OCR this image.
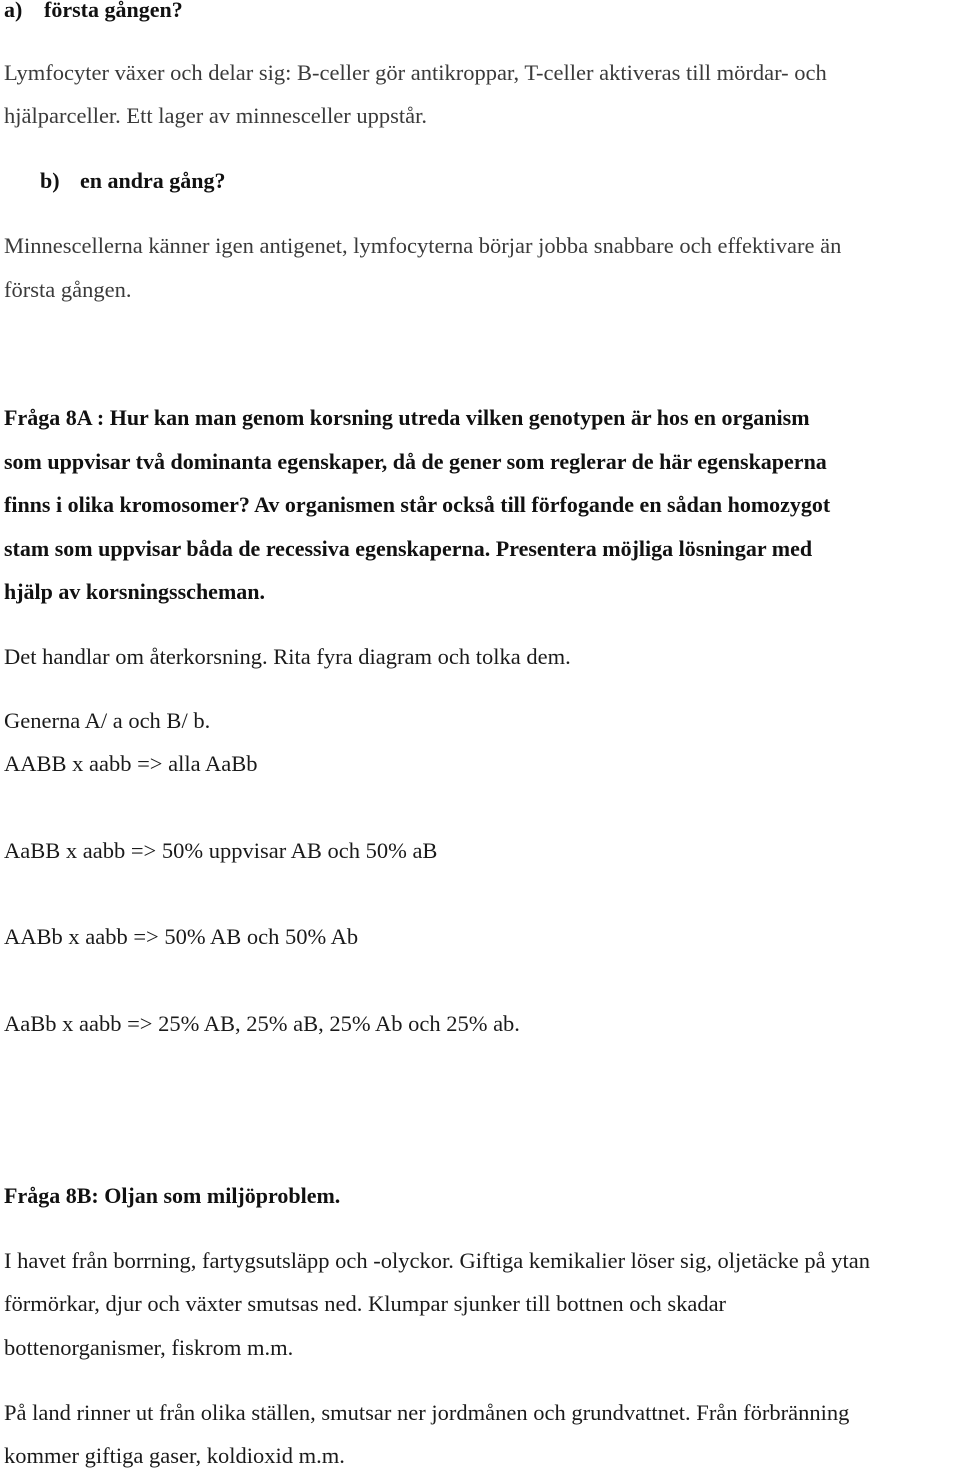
a) första gången?
Lymfocyter växer och delar sig: B-celler gör antikroppar, T-celler aktiveras till mördar- och
hjälparceller. Ett lager av minnesceller uppstår.
b) en andra gång?
Minnescellerna känner igen antigenet, lymfocyterna börjar jobba snabbare och effektivare än
första gången.
Fråga 8A : Hur kan man genom korsning utreda vilken genotypen är hos en organism
som uppvisar två dominanta egenskaper, då de gener som reglerar de här egenskaperna
finns i olika kromosomer? Av organismen står också till förfogande en sådan homozygot
stam som uppvisar båda de recessiva egenskaperna. Presentera möjliga lösningar med
hjälp av korsningsscheman.
Det handlar om återkorsning. Rita fyra diagram och tolka dem.
Generna A/ a och B/ b.
AABB x aabb => alla AaBb
AaBB x aabb => 50% uppvisar AB och 50% aB
AABb x aabb => 50% AB och 50% Ab
AaBb x aabb => 25% AB, 25% aB, 25% Ab och 25% ab.
Fråga 8B: Oljan som miljöproblem.
I havet från borrning, fartygsutsläpp och -olyckor. Giftiga kemikalier löser sig, oljetäcke på ytan
förmörkar, djur och växter smutsas ned. Klumpar sjunker till bottnen och skadar
bottenorganismer, fiskrom m.m.
På land rinner ut från olika ställen, smutsar ner jordmånen och grundvattnet. Från förbränning
kommer giftiga gaser, koldioxid m.m.
